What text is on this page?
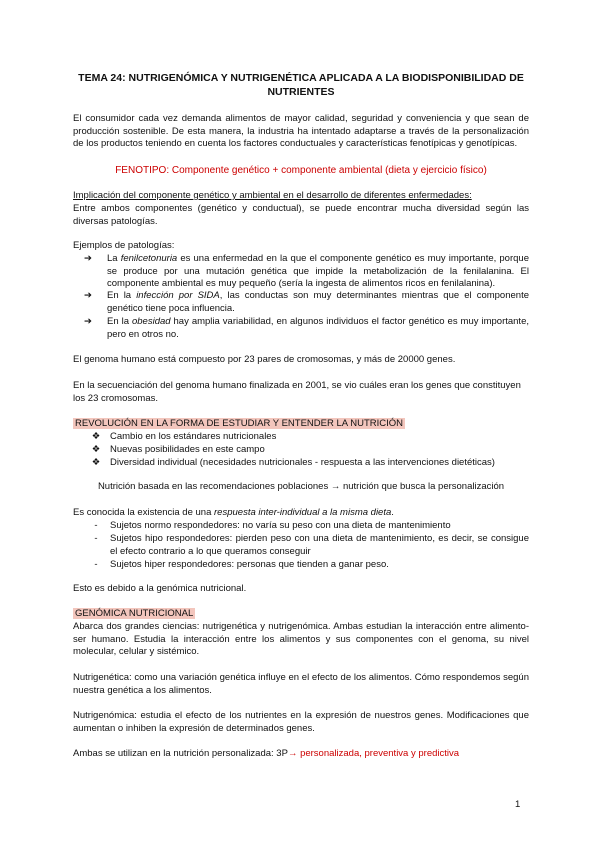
TEMA 24: NUTRIGENÓMICA Y NUTRIGENÉTICA APLICADA A LA BIODISPONIBILIDAD DE NUTRIENTES

El consumidor cada vez demanda alimentos de mayor calidad, seguridad y conveniencia y que sean de producción sostenible. De esta manera, la industria ha intentado adaptarse a través de la personalización de los productos teniendo en cuenta los factores conductuales y características fenotípicas y genotípicas.

FENOTIPO: Componente genético + componente ambiental (dieta y ejercicio físico)

Implicación del componente genético y ambiental en el desarrollo de diferentes enfermedades:

Entre ambos componentes (genético y conductual), se puede encontrar mucha diversidad según las diversas patologías.

Ejemplos de patologías:

➔	La fenilcetonuria es una enfermedad en la que el componente genético es muy importante, porque se produce por una mutación genética que impide la metabolización de la fenilalanina. El componente ambiental es muy pequeño (sería la ingesta de alimentos ricos en fenilalanina).
➔	En la infección por SIDA, las conductas son muy determinantes mientras que el componente genético tiene poca influencia.
➔	En la obesidad hay amplia variabilidad, en algunos individuos el factor genético es muy importante, pero en otros no.

El genoma humano está compuesto por 23 pares de cromosomas, y más de 20000 genes.

En la secuenciación del genoma humano finalizada en 2001, se vio cuáles eran los genes que constituyen los 23 cromosomas.

REVOLUCIÓN EN LA FORMA DE ESTUDIAR Y ENTENDER LA NUTRICIÓN

❖ Cambio en los estándares nutricionales
❖ Nuevas posibilidades en este campo
❖ Diversidad individual (necesidades nutricionales - respuesta a las intervenciones dietéticas)

Nutrición basada en las recomendaciones poblaciones → nutrición que busca la personalización

Es conocida la existencia de una respuesta inter-individual a la misma dieta.

-	Sujetos normo respondedores: no varía su peso con una dieta de mantenimiento
-	Sujetos hipo respondedores: pierden peso con una dieta de mantenimiento, es decir, se consigue el efecto contrario a lo que queramos conseguir
-	Sujetos hiper respondedores: personas que tienden a ganar peso.

Esto es debido a la genómica nutricional.

GENÓMICA NUTRICIONAL

Abarca dos grandes ciencias: nutrigenética y nutrigenómica. Ambas estudian la interacción entre alimento-ser humano. Estudia la interacción entre los alimentos y sus componentes con el genoma, su nivel molecular, celular y sistémico.

Nutrigenética: como una variación genética influye en el efecto de los alimentos. Cómo respondemos según nuestra genética a los alimentos.

Nutrigenómica: estudia el efecto de los nutrientes en la expresión de nuestros genes. Modificaciones que aumentan o inhiben la expresión de determinados genes.

Ambas se utilizan en la nutrición personalizada: 3P→ personalizada, preventiva y predictiva

1
